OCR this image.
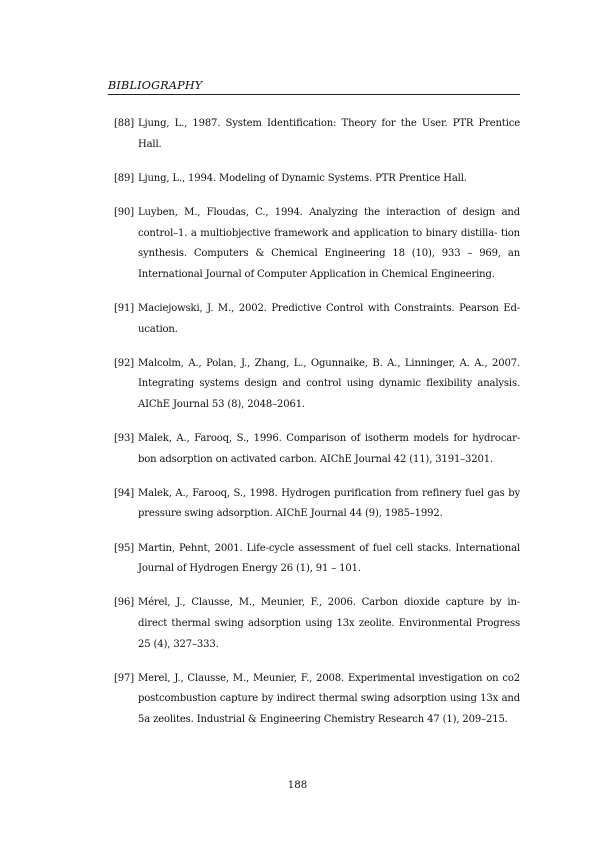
BIBLIOGRAPHY
[88] Ljung, L., 1987. System Identification: Theory for the User. PTR Prentice Hall.
[89] Ljung, L., 1994. Modeling of Dynamic Systems. PTR Prentice Hall.
[90] Luyben, M., Floudas, C., 1994. Analyzing the interaction of design and control–1. a multiobjective framework and application to binary distilla- tion synthesis. Computers & Chemical Engineering 18 (10), 933 – 969, an International Journal of Computer Application in Chemical Engineering.
[91] Maciejowski, J. M., 2002. Predictive Control with Constraints. Pearson Ed- ucation.
[92] Malcolm, A., Polan, J., Zhang, L., Ogunnaike, B. A., Linninger, A. A., 2007. Integrating systems design and control using dynamic flexibility analysis. AIChE Journal 53 (8), 2048–2061.
[93] Malek, A., Farooq, S., 1996. Comparison of isotherm models for hydrocar- bon adsorption on activated carbon. AIChE Journal 42 (11), 3191–3201.
[94] Malek, A., Farooq, S., 1998. Hydrogen purification from refinery fuel gas by pressure swing adsorption. AIChE Journal 44 (9), 1985–1992.
[95] Martin, Pehnt, 2001. Life-cycle assessment of fuel cell stacks. International Journal of Hydrogen Energy 26 (1), 91 – 101.
[96] Mérel, J., Clausse, M., Meunier, F., 2006. Carbon dioxide capture by in- direct thermal swing adsorption using 13x zeolite. Environmental Progress 25 (4), 327–333.
[97] Merel, J., Clausse, M., Meunier, F., 2008. Experimental investigation on co2 postcombustion capture by indirect thermal swing adsorption using 13x and 5a zeolites. Industrial & Engineering Chemistry Research 47 (1), 209–215.
188
